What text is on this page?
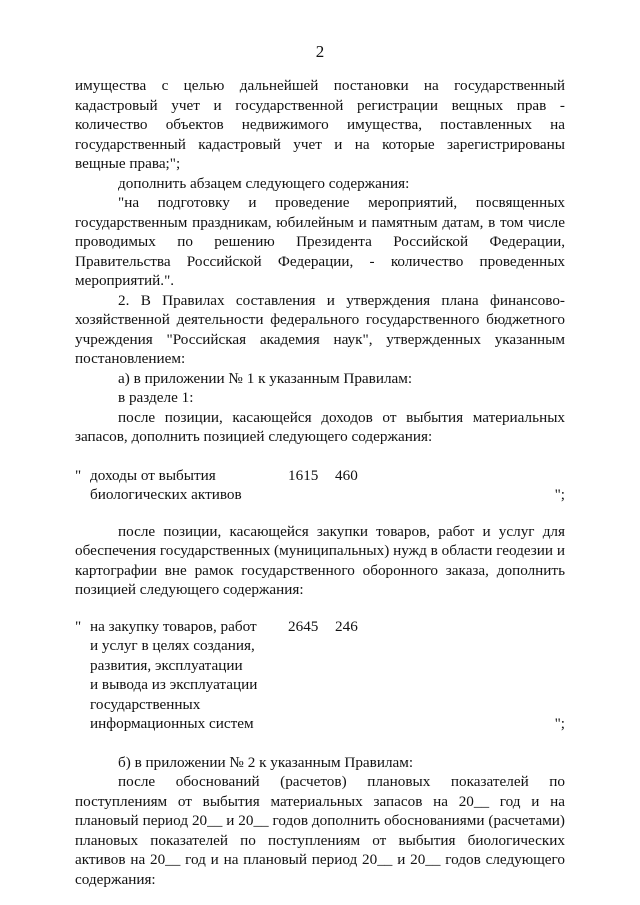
2

имущества с целью дальнейшей постановки на государственный кадастровый учет и государственной регистрации вещных прав - количество объектов недвижимого имущества, поставленных на государственный кадастровый учет и на которые зарегистрированы вещные права;";

дополнить абзацем следующего содержания:

"на подготовку и проведение мероприятий, посвященных государственным праздникам, юбилейным и памятным датам, в том числе проводимых по решению Президента Российской Федерации, Правительства Российской Федерации, - количество проведенных мероприятий.".

2. В Правилах составления и утверждения плана финансово-хозяйственной деятельности федерального государственного бюджетного учреждения "Российская академия наук", утвержденных указанным постановлением:

а) в приложении № 1 к указанным Правилам:

в разделе 1:

после позиции, касающейся доходов от выбытия материальных запасов, дополнить позицией следующего содержания:

" доходы от выбытия
биологических активов
1615 460
";

после позиции, касающейся закупки товаров, работ и услуг для обеспечения государственных (муниципальных) нужд в области геодезии и картографии вне рамок государственного оборонного заказа, дополнить позицией следующего содержания:

" на закупку товаров, работ
и услуг в целях создания,
развития, эксплуатации
и вывода из эксплуатации
государственных
информационных систем
2645 246
";

б) в приложении № 2 к указанным Правилам:

после обоснований (расчетов) плановых показателей по поступлениям от выбытия материальных запасов на 20__ год и на плановый период 20__ и 20__ годов дополнить обоснованиями (расчетами) плановых показателей по поступлениям от выбытия биологических активов на 20__ год и на плановый период 20__ и 20__ годов следующего содержания:
